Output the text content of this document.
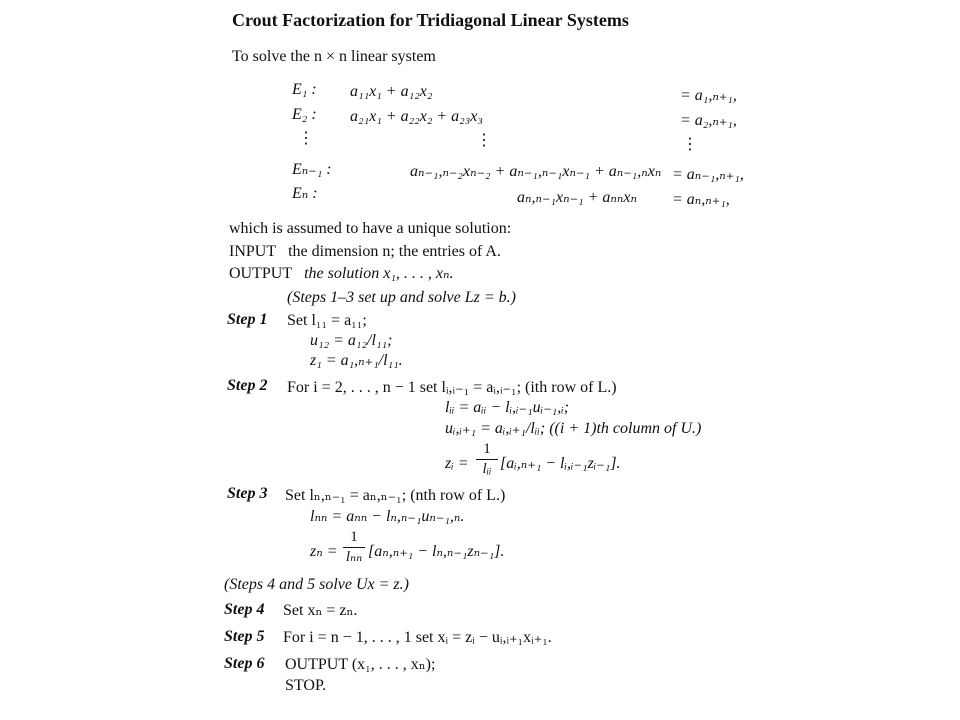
Crout Factorization for Tridiagonal Linear Systems
To solve the n × n linear system
E₁ :
E₂ :
⋮
Eₙ₋₁ :
Eₙ :
a₁₁x₁ + a₁₂x₂
a₂₁x₁ + a₂₂x₂ + a₂₃x₃
⋮
aₙ₋₁,ₙ₋₂xₙ₋₂ + aₙ₋₁,ₙ₋₁xₙ₋₁ + aₙ₋₁,ₙxₙ
aₙ,ₙ₋₁xₙ₋₁ + aₙₙxₙ
= a₁,ₙ₊₁,
= a₂,ₙ₊₁,
⋮
= aₙ₋₁,ₙ₊₁,
= aₙ,ₙ₊₁,
which is assumed to have a unique solution:
INPUT the dimension n; the entries of A.
OUTPUT the solution x₁, . . . , xₙ.
(Steps 1–3 set up and solve Lz = b.)
Step 1 Set l₁₁ = a₁₁;
u₁₂ = a₁₂/l₁₁;
z₁ = a₁,ₙ₊₁/l₁₁.
Step 2 For i = 2, . . . , n − 1 set lᵢ,ᵢ₋₁ = aᵢ,ᵢ₋₁; (ith row of L.)
lᵢᵢ = aᵢᵢ − lᵢ,ᵢ₋₁uᵢ₋₁,ᵢ;
uᵢ,ᵢ₊₁ = aᵢ,ᵢ₊₁/lᵢᵢ; ((i + 1)th column of U.)
zᵢ =
1
lᵢᵢ [aᵢ,ₙ₊₁ − lᵢ,ᵢ₋₁zᵢ₋₁].
Step 3 Set lₙ,ₙ₋₁ = aₙ,ₙ₋₁; (nth row of L.)
lₙₙ = aₙₙ − lₙ,ₙ₋₁uₙ₋₁,ₙ.
zₙ =
1
lₙₙ [aₙ,ₙ₊₁ − lₙ,ₙ₋₁zₙ₋₁].
(Steps 4 and 5 solve Ux = z.)
Step 4 Set xₙ = zₙ.
Step 5 For i = n − 1, . . . , 1 set xᵢ = zᵢ − uᵢ,ᵢ₊₁xᵢ₊₁.
Step 6 OUTPUT (x₁, . . . , xₙ);
STOP.
